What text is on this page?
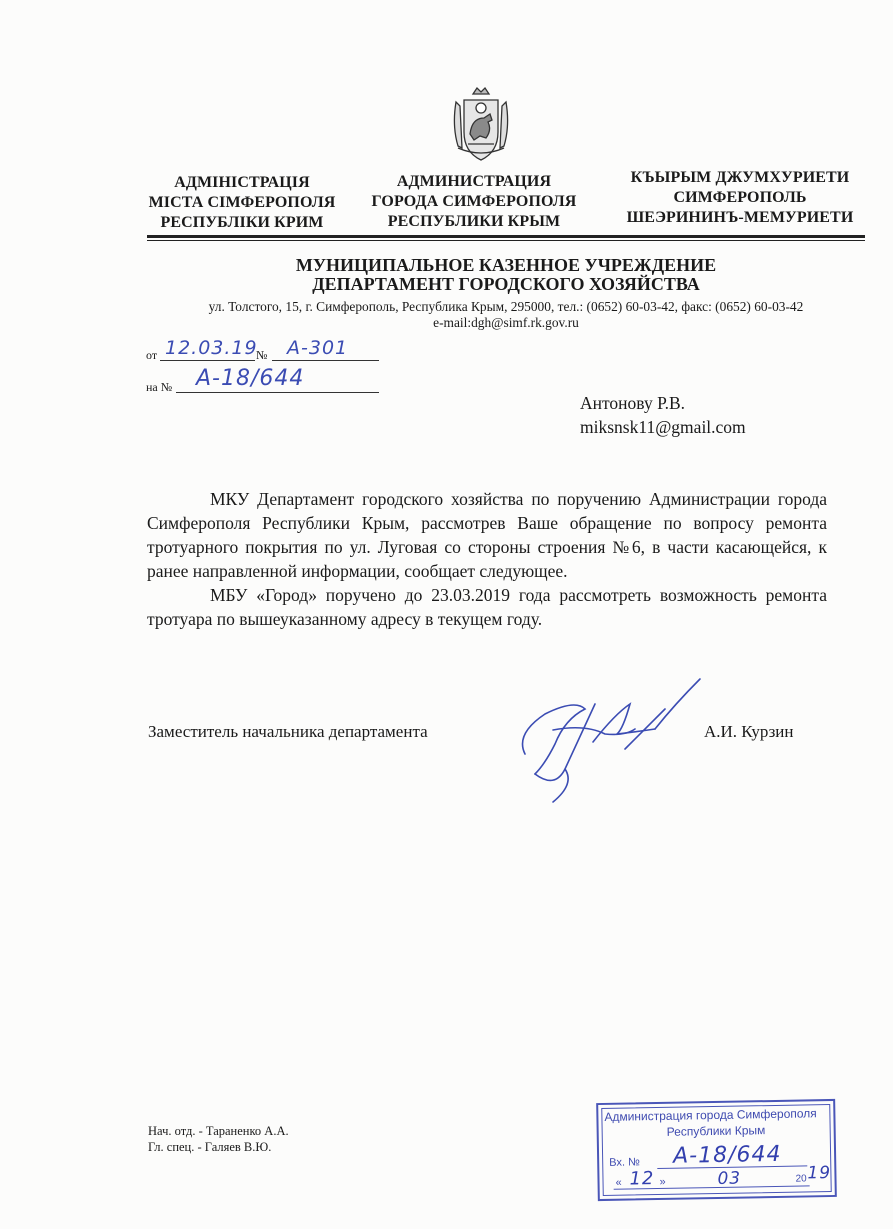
АДМІНІСТРАЦІЯ
МІСТА СІМФЕРОПОЛЯ
РЕСПУБЛІКИ КРИМ
АДМИНИСТРАЦИЯ
ГОРОДА СИМФЕРОПОЛЯ
РЕСПУБЛИКИ КРЫМ
КЪЫРЫМ ДЖУМХУРИЕТИ
СИМФЕРОПОЛЬ
ШЕЭРИНИНЪ-МЕМУРИЕТИ
МУНИЦИПАЛЬНОЕ КАЗЕННОЕ УЧРЕЖДЕНИЕ
ДЕПАРТАМЕНТ ГОРОДСКОГО ХОЗЯЙСТВА
ул. Толстого, 15, г. Симферополь, Республика Крым, 295000, тел.: (0652) 60-03-42, факс: (0652) 60-03-42
e-mail:dgh@simf.rk.gov.ru
от 12.03.19
№ А-301
на № А-18/644
Антонову Р.В.
miksnsk11@gmail.com

МКУ Департамент городского хозяйства по поручению Администрации города Симферополя Республики Крым, рассмотрев Ваше обращение по вопросу ремонта тротуарного покрытия по ул. Луговая со стороны строения №6, в части касающейся, к ранее направленной информации, сообщает следующее.

МБУ «Город» поручено до 23.03.2019 года рассмотреть возможность ремонта тротуара по вышеуказанному адресу в текущем году.

Заместитель начальника департамента	А.И. Курзин
Нач. отд. - Тараненко А.А.
Гл. спец. - Галяев В.Ю.
Администрация города Симферополя
Республики Крым
Вх. № А-18/644
« 12 »	03	20 19
